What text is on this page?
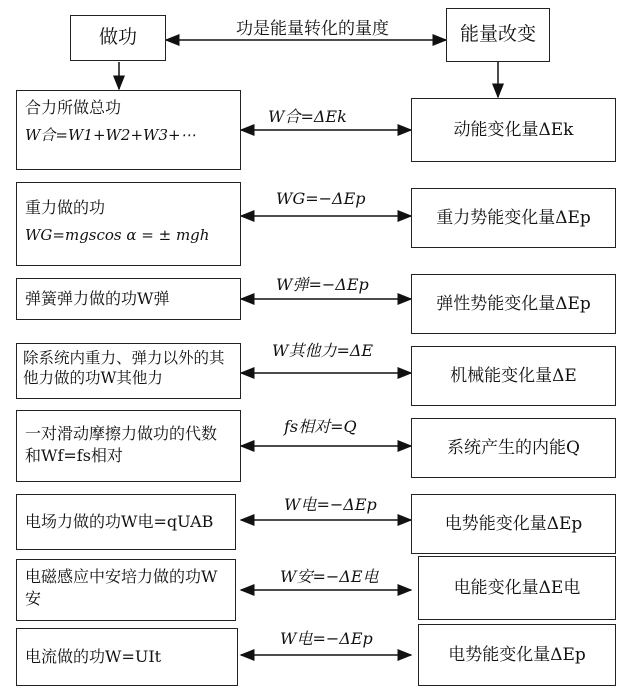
做功	功是能量转化的量度	能量改变
合力所做总功
W合=W1+W2+W3+⋯
W合=ΔEk
动能变化量ΔEk
重力做的功
WG=mgscos α = ± mgh
WG=−ΔEp
重力势能变化量ΔEp
弹簧弹力做的功W弹
W弹=−ΔEp
弹性势能变化量ΔEp
除系统内重力、弹力以外的其他力做的功W其他力
W其他力=ΔE
机械能变化量ΔE
一对滑动摩擦力做功的代数和Wf=fs相对
fs相对=Q
系统产生的内能Q
电场力做的功W电=qUAB
W电=−ΔEp
电势能变化量ΔEp
电磁感应中安培力做的功W安
W安=−ΔE电
电能变化量ΔE电
电流做的功W=UIt
W电=−ΔEp
电势能变化量ΔEp
